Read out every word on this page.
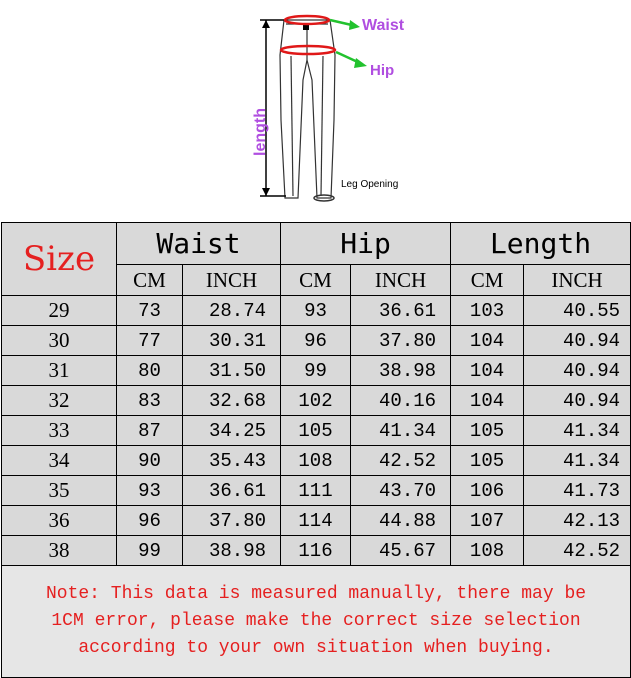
Waist
Hip
length
Leg Opening
Size	Waist		Hip		Length	
	CM	INCH	CM	INCH	CM	INCH
29	73	28.74	93	36.61	103	40.55
30	77	30.31	96	37.80	104	40.94
31	80	31.50	99	38.98	104	40.94
32	83	32.68	102	40.16	104	40.94
33	87	34.25	105	41.34	105	41.34
34	90	35.43	108	42.52	105	41.34
35	93	36.61	111	43.70	106	41.73
36	96	37.80	114	44.88	107	42.13
38	99	38.98	116	45.67	108	42.52

Note: This data is measured manually, there may be
1CM error, please make the correct size selection
according to your own situation when buying.						
